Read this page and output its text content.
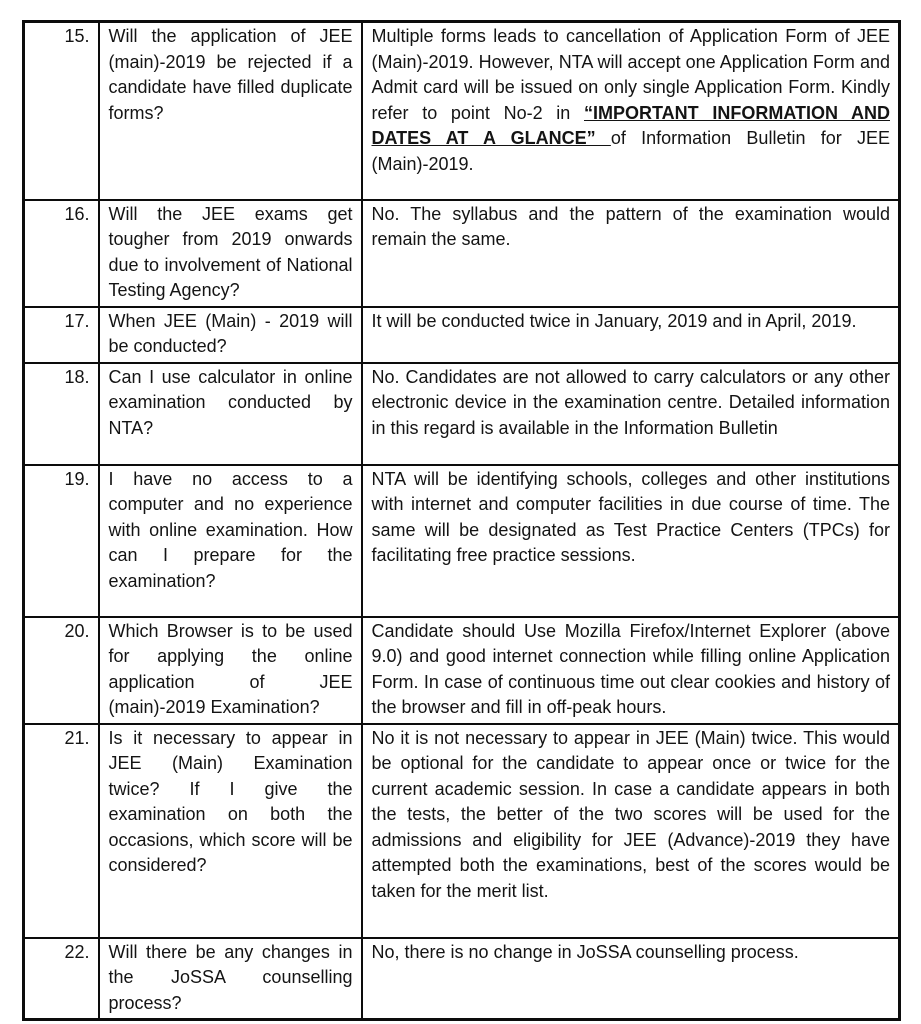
15.	Will the application of JEE (main)-2019 be rejected if a candidate have filled duplicate forms?	Multiple forms leads to cancellation of Application Form of JEE (Main)-2019. However, NTA will accept one Application Form and Admit card will be issued on only single Application Form. Kindly refer to point No-2 in “IMPORTANT INFORMATION AND DATES AT A GLANCE” of Information Bulletin for JEE (Main)-2019.
16.	Will the JEE exams get tougher from 2019 onwards due to involvement of National Testing Agency?	No. The syllabus and the pattern of the examination would remain the same.
17.	When JEE (Main) - 2019 will be conducted?	It will be conducted twice in January, 2019 and in April, 2019.
18.	Can I use calculator in online examination conducted by NTA?	No. Candidates are not allowed to carry calculators or any other electronic device in the examination centre. Detailed information in this regard is available in the Information Bulletin
19.	I have no access to a computer and no experience with online examination. How can I prepare for the examination?	NTA will be identifying schools, colleges and other institutions with internet and computer facilities in due course of time. The same will be designated as Test Practice Centers (TPCs) for facilitating free practice sessions.
20.	Which Browser is to be used for applying the online application of JEE (main)-2019 Examination?	Candidate should Use Mozilla Firefox/Internet Explorer (above 9.0) and good internet connection while filling online Application Form. In case of continuous time out clear cookies and history of the browser and fill in off-peak hours.
21.	Is it necessary to appear in JEE (Main) Examination twice? If I give the examination on both the occasions, which score will be considered?	No it is not necessary to appear in JEE (Main) twice. This would be optional for the candidate to appear once or twice for the current academic session. In case a candidate appears in both the tests, the better of the two scores will be used for the admissions and eligibility for JEE (Advance)-2019 they have attempted both the examinations, best of the scores would be taken for the merit list.
22.	Will there be any changes in the JoSSA counselling process?	No, there is no change in JoSSA counselling process.
